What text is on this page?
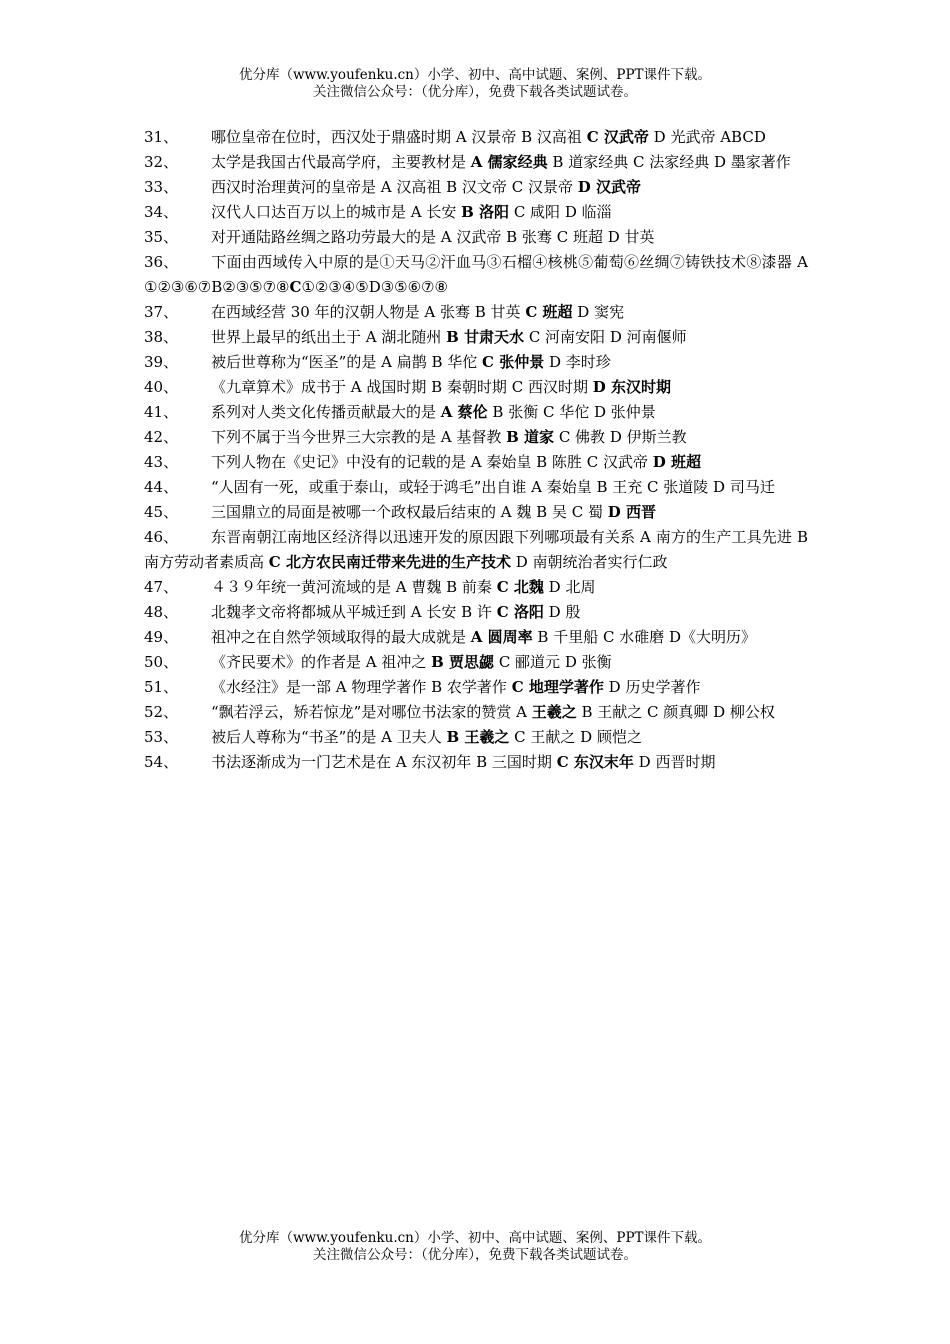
优分库（www.youfenku.cn）小学、初中、高中试题、案例、PPT课件下载。
关注微信公众号：（优分库），免费下载各类试题试卷。

31、 哪位皇帝在位时，西汉处于鼎盛时期 A 汉景帝 B 汉高祖 C 汉武帝 D 光武帝 ABCD

32、 太学是我国古代最高学府，主要教材是 A 儒家经典 B 道家经典 C 法家经典 D 墨家著作

33、 西汉时治理黄河的皇帝是 A 汉高祖 B 汉文帝 C 汉景帝 D 汉武帝

34、 汉代人口达百万以上的城市是 A 长安 B 洛阳 C 咸阳 D 临淄

35、 对开通陆路丝绸之路功劳最大的是 A 汉武帝 B 张骞 C 班超 D 甘英

36、 下面由西域传入中原的是①天马②汗血马③石榴④核桃⑤葡萄⑥丝绸⑦铸铁技术⑧漆器 A①②③⑥⑦B②③⑤⑦⑧C①②③④⑤D③⑤⑥⑦⑧

37、 在西域经营 30 年的汉朝人物是 A 张骞 B 甘英 C 班超 D 窦宪

38、 世界上最早的纸出土于 A 湖北随州 B 甘肃天水 C 河南安阳 D 河南偃师

39、 被后世尊称为“医圣”的是 A 扁鹊 B 华佗 C 张仲景 D 李时珍

40、 《九章算术》成书于 A 战国时期 B 秦朝时期 C 西汉时期 D 东汉时期

41、 系列对人类文化传播贡献最大的是 A 蔡伦 B 张衡 C 华佗 D 张仲景

42、 下列不属于当今世界三大宗教的是 A 基督教 B 道家 C 佛教 D 伊斯兰教

43、 下列人物在《史记》中没有的记载的是 A 秦始皇 B 陈胜 C 汉武帝 D 班超

44、 “人固有一死，或重于泰山，或轻于鸿毛”出自谁 A 秦始皇 B 王充 C 张道陵 D 司马迁

45、 三国鼎立的局面是被哪一个政权最后结束的 A 魏 B 吴 C 蜀 D 西晋

46、 东晋南朝江南地区经济得以迅速开发的原因跟下列哪项最有关系 A 南方的生产工具先进 B 南方劳动者素质高 C 北方农民南迁带来先进的生产技术 D 南朝统治者实行仁政

47、 ４３９年统一黄河流域的是 A 曹魏 B 前秦 C 北魏 D 北周

48、 北魏孝文帝将都城从平城迁到 A 长安 B 许 C 洛阳 D 殷

49、 祖冲之在自然学领域取得的最大成就是 A 圆周率 B 千里船 C 水碓磨 D《大明历》

50、 《齐民要术》的作者是 A 祖冲之 B 贾思勰 C 郦道元 D 张衡

51、 《水经注》是一部 A 物理学著作 B 农学著作 C 地理学著作 D 历史学著作

52、 “飘若浮云，矫若惊龙”是对哪位书法家的赞赏 A 王羲之 B 王献之 C 颜真卿 D 柳公权

53、 被后人尊称为“书圣”的是 A 卫夫人 B 王羲之 C 王献之 D 顾恺之

54、 书法逐渐成为一门艺术是在 A 东汉初年 B 三国时期 C 东汉末年 D 西晋时期

优分库（www.youfenku.cn）小学、初中、高中试题、案例、PPT课件下载。
关注微信公众号：（优分库），免费下载各类试题试卷。
